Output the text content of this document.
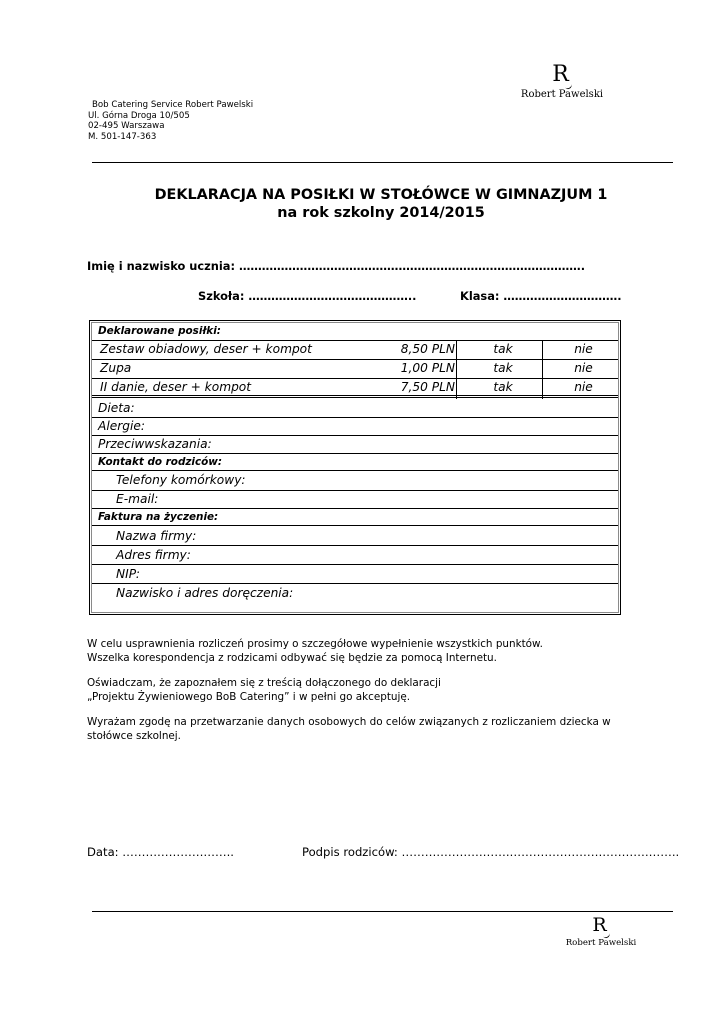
Bob Catering Service Robert Pawelski
Ul. Górna Droga 10/505
02-495 Warszawa
M. 501-147-363
R
Robert Pawelski
DEKLARACJA NA POSIŁKI W STOŁÓWCE W GIMNAZJUM 1
na rok szkolny 2014/2015
Imię i nazwisko ucznia: ……………………………………………………………………………….
Szkoła: ……………………………………..	Klasa: ………………………….
Deklarowane posiłki:
Zestaw obiadowy, deser + kompot	8,50 PLN	tak	nie
Zupa	1,00 PLN	tak	nie
II danie, deser + kompot	7,50 PLN	tak	nie
Dieta:
Alergie:
Przeciwwskazania:
Kontakt do rodziców:
Telefony komórkowy:
E-mail:
Faktura na życzenie:
Nazwa firmy:
Adres firmy:
NIP:
Nazwisko i adres doręczenia:
W celu usprawnienia rozliczeń prosimy o szczegółowe wypełnienie wszystkich punktów.
Wszelka korespondencja z rodzicami odbywać się będzie za pomocą Internetu.
Oświadczam, że zapoznałem się z treścią dołączonego do deklaracji
„Projektu Żywieniowego BoB Catering” i w pełni go akceptuję.
Wyrażam zgodę na przetwarzanie danych osobowych do celów związanych z rozliczaniem dziecka w
stołówce szkolnej.
Data: ………………………..	Podpis rodziców: ……………………….……………………………………..
R
Robert Pawelski
